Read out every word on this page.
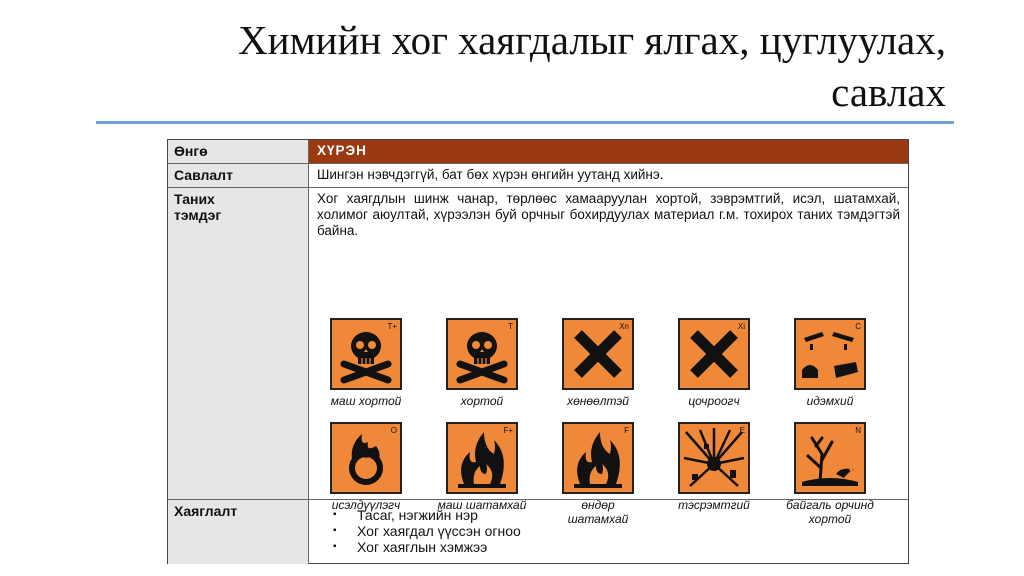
Химийн хог хаягдалыг ялгах, цуглуулах,
савлах
Өнгө	ХҮРЭН
Савлалт	Шингэн нэвчдэггүй, бат бөх хүрэн өнгийн уутанд хийнэ.
Таних
тэмдэг
Хог хаягдлын шинж чанар, төрлөөс хамааруулан хортой, зэврэмтгий, исэл, шатамхай, холимог аюултай, хүрээлэн буй орчныг бохирдуулах материал г.м. тохирох таних тэмдэгтэй байна.
T+
маш хортой
T
хортой
Xn
хөнөөлтэй
Xi
цочроогч
C
идэмхий
O
исэлдүүлэгч
F+
маш шатамхай
F
өндөр шатамхай
E
тэсрэмтгий
N
байгаль орчинд хортой
Хаяглалт
▪	Тасаг, нэгжийн нэр
▪ Хог хаягдал үүссэн огноо
▪ Хог хаяглын хэмжээ
